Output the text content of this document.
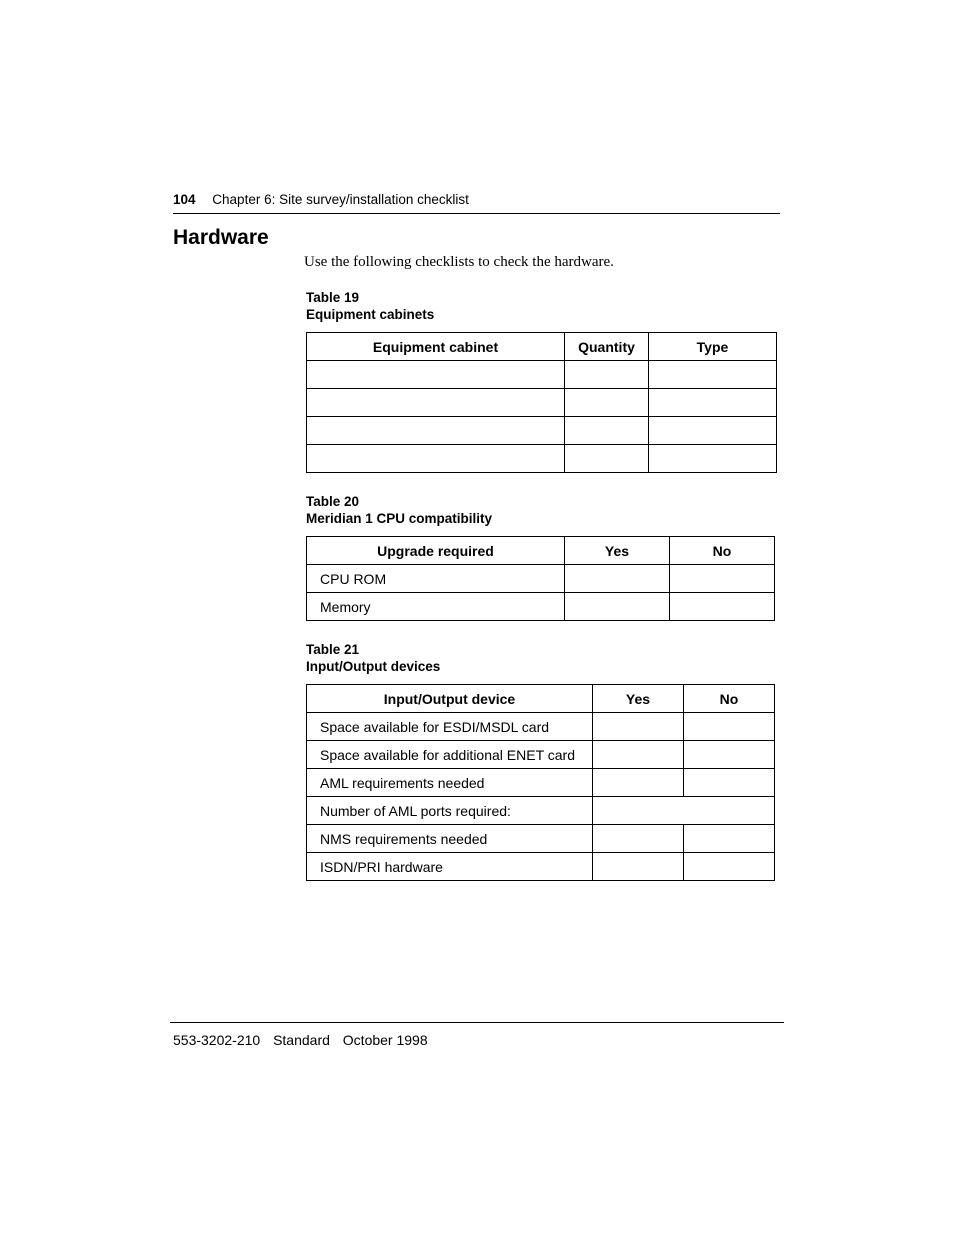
104 Chapter 6: Site survey/installation checklist
Hardware

Use the following checklists to check the hardware.

Table 19
Equipment cabinets
Equipment cabinet	Quantity	Type

Table 20
Meridian 1 CPU compatibility
Upgrade required	Yes	No
CPU ROM		
Memory		
Table 21
Input/Output devices
Input/Output device	Yes	No
Space available for ESDI/MSDL card		
Space available for additional ENET card		
AML requirements needed		
Number of AML ports required:		
NMS requirements needed		
ISDN/PRI hardware		
553-3202-210 Standard October 1998
